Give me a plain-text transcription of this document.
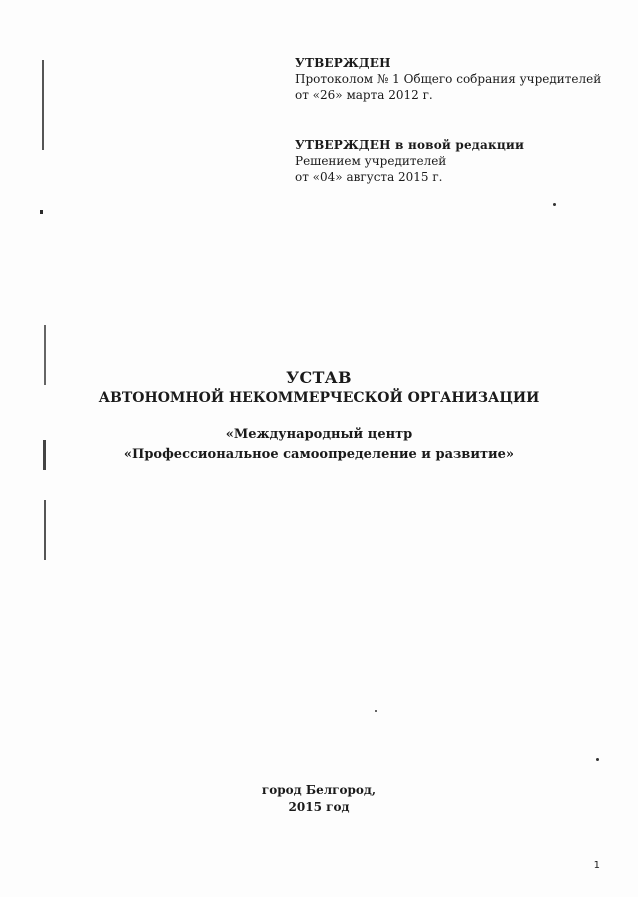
УТВЕРЖДЕН
Протоколом № 1 Общего собрания учредителей
от «26» марта 2012 г.
УТВЕРЖДЕН в новой редакции
Решением учредителей
от «04» августа 2015 г.
УСТАВ
АВТОНОМНОЙ НЕКОММЕРЧЕСКОЙ ОРГАНИЗАЦИИ
«Международный центр
«Профессиональное самоопределение и развитие»
город Белгород,
2015 год
1
